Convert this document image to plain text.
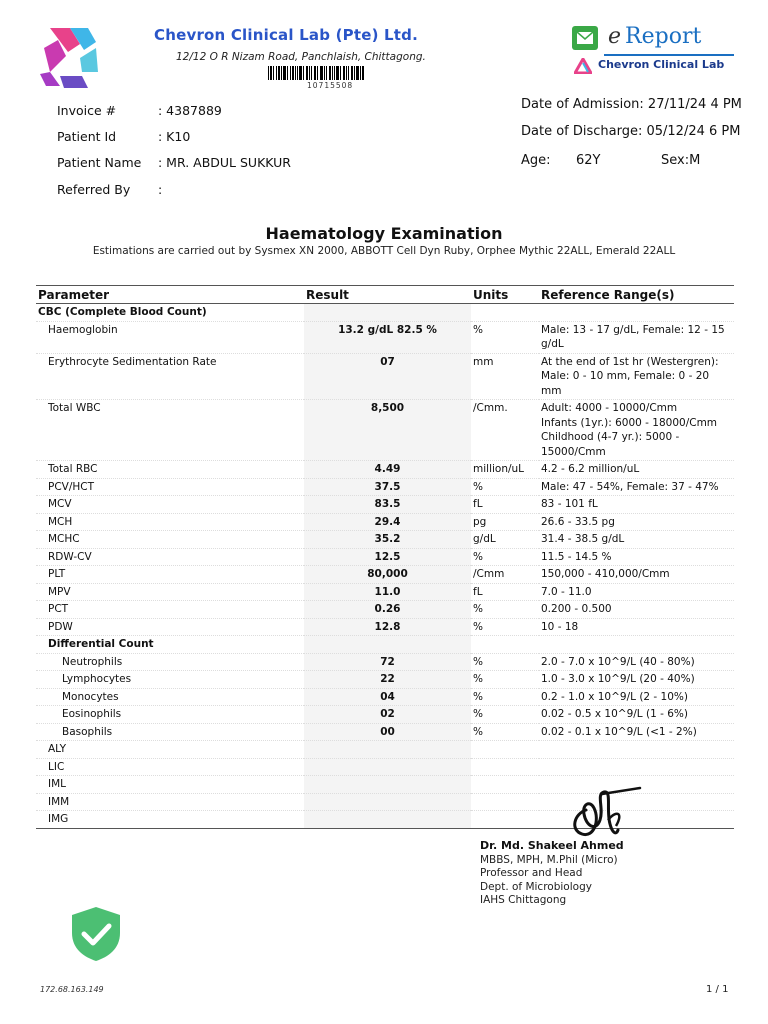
Chevron Clinical Lab (Pte) Ltd.
12/12 O R Nizam Road, Panchlaish, Chittagong.
10715508
e Report
Chevron Clinical Lab
Invoice #	: 4387889
Patient Id	: K10
Patient Name : MR. ABDUL SUKKUR
Referred By :
Date of Admission: 27/11/24 4 PM
Date of Discharge: 05/12/24 6 PM
Age: 62Y	Sex:M
Haematology Examination
Estimations are carried out by Sysmex XN 2000, ABBOTT Cell Dyn Ruby, Orphee Mythic 22ALL, Emerald 22ALL
Parameter	Result	Units	Reference Range(s)
CBC (Complete Blood Count)			
Haemoglobin	13.2 g/dL 82.5 %	%	Male: 13 - 17 g/dL, Female: 12 - 15 g/dL
Erythrocyte Sedimentation Rate	07	mm	At the end of 1st hr (Westergren):
Male: 0 - 10 mm, Female: 0 - 20 mm
Total WBC	8,500	/Cmm.	Adult: 4000 - 10000/Cmm
Infants (1yr.): 6000 - 18000/Cmm
Childhood (4-7 yr.): 5000 - 15000/Cmm
Total RBC	4.49	million/uL	4.2 - 6.2 million/uL
PCV/HCT	37.5	%	Male: 47 - 54%, Female: 37 - 47%
MCV	83.5	fL	83 - 101 fL
MCH	29.4	pg	26.6 - 33.5 pg
MCHC	35.2	g/dL	31.4 - 38.5 g/dL
RDW-CV	12.5	%	11.5 - 14.5 %
PLT	80,000	/Cmm	150,000 - 410,000/Cmm
MPV	11.0	fL	7.0 - 11.0
PCT	0.26	%	0.200 - 0.500
PDW	12.8	%	10 - 18
Differential Count			
Neutrophils	72	%	2.0 - 7.0 x 10^9/L (40 - 80%)
Lymphocytes	22	%	1.0 - 3.0 x 10^9/L (20 - 40%)
Monocytes	04	%	0.2 - 1.0 x 10^9/L (2 - 10%)
Eosinophils	02	%	0.02 - 0.5 x 10^9/L (1 - 6%)
Basophils	00	%	0.02 - 0.1 x 10^9/L (<1 - 2%)
ALY			
LIC			
IML			
IMM			
IMG			
Dr. Md. Shakeel Ahmed
MBBS, MPH, M.Phil (Micro)
Professor and Head
Dept. of Microbiology
IAHS Chittagong
172.68.163.149	1 / 1
